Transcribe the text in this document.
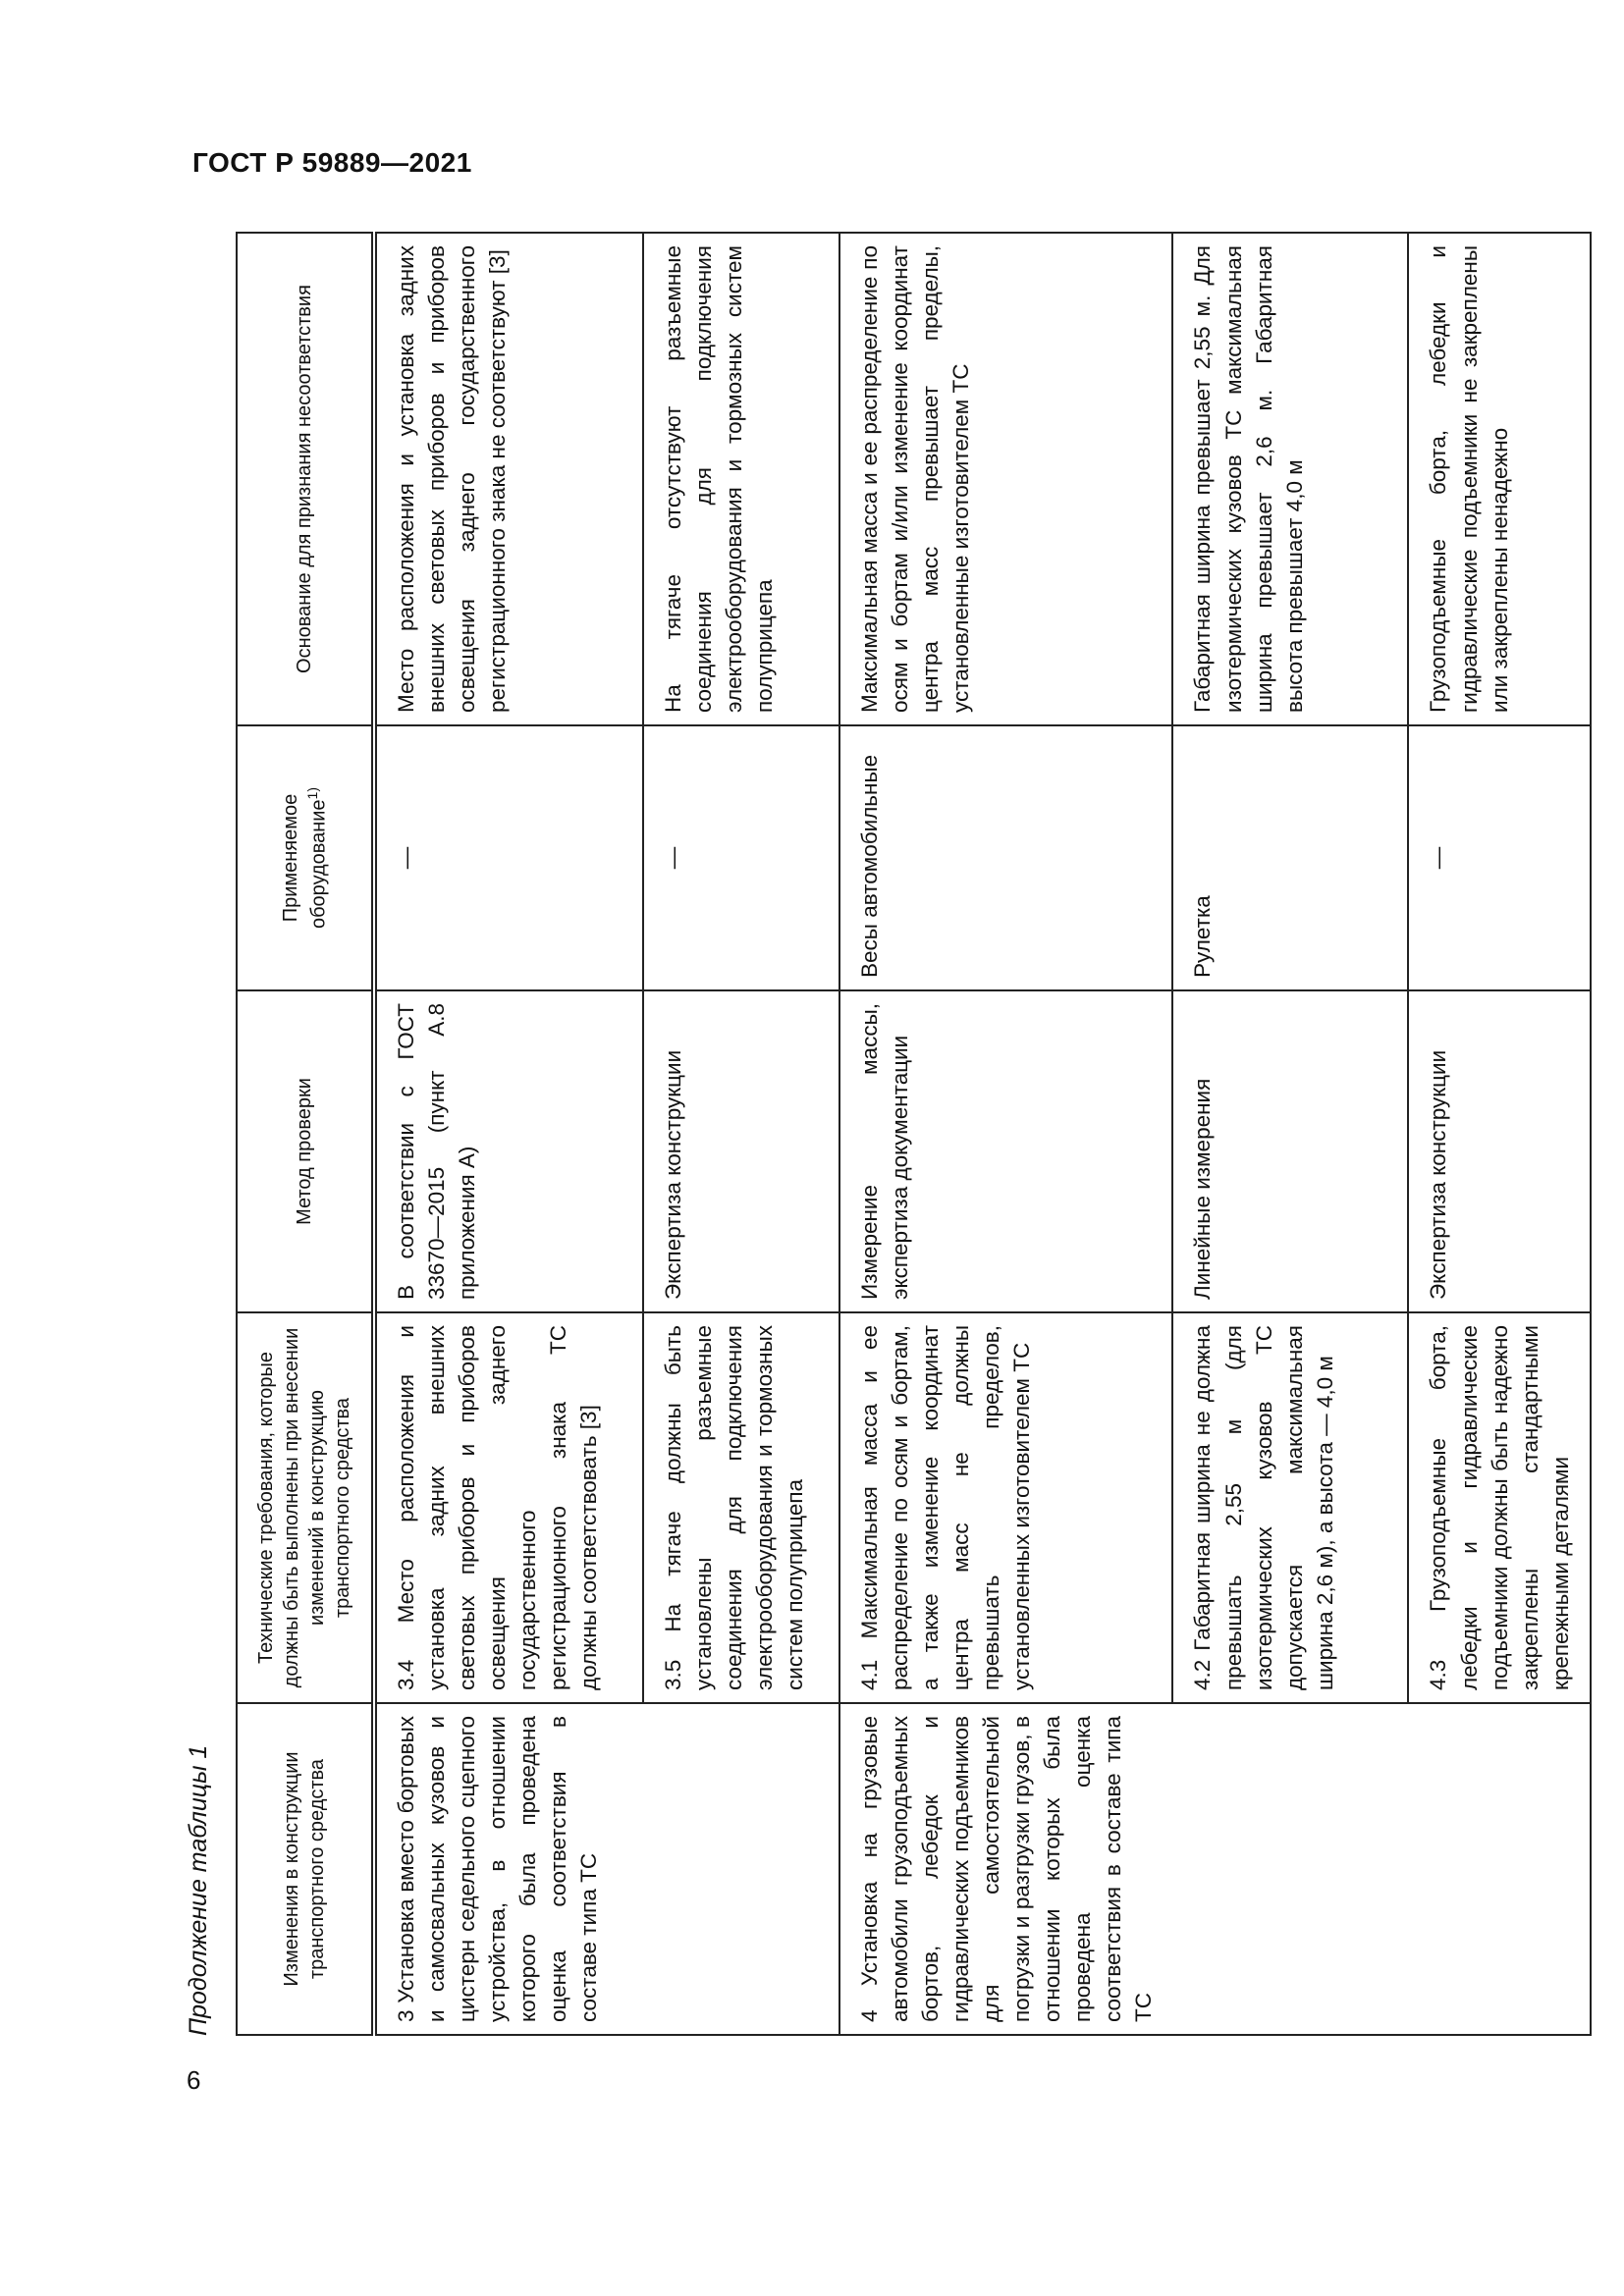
ГОСТ Р 59889—2021
Продолжение таблицы 1	Изменения в конструкции транспортного средства	Технические требования, которые должны быть выполнены при внесении изменений в конструкцию транспортного средства	Метод проверки	Применяемое оборудование$^{1)}$	Основание для признания несоответствия
3 Установка вместо бортовых и самосвальных кузовов и цистерн седельного сцепного устройства, в отношении которого была проведена оценка соответствия в составе типа ТС	3.4 Место расположения и установка задних внешних световых приборов и приборов освещения заднего государственного регистрационного знака ТС должны соответствовать [3]	В соответствии с ГОСТ 33670—2015 (пункт А.8 приложения А)	—	Место расположения и установка задних внешних световых приборов и приборов освещения заднего государственного регистрационного знака не соответствуют [3]
	3.5 На тягаче должны быть установлены разъемные соединения для подключения электрооборудования и тормозных систем полуприцепа	Экспертиза конструкции	—	На тягаче отсутствуют разъемные соединения для подключения электрооборудования и тормозных систем полуприцепа
4 Установка на грузовые автомобили грузоподъемных бортов, лебедок и гидравлических подъемников для самостоятельной погрузки и разгрузки грузов, в отношении которых была проведена оценка соответствия в составе типа ТС	4.1 Максимальная масса и ее распределение по осям и бортам, а также изменение координат центра масс не должны превышать пределов, установленных изготовителем ТС	Измерение массы, экспертиза документации	Весы автомобильные	Максимальная масса и ее распределение по осям и бортам и/или изменение координат центра масс превышает пределы, установленные изготовителем ТС
	4.2 Габаритная ширина не должна превышать 2,55 м (для изотермических кузовов ТС допускается максимальная ширина 2,6 м), а высота — 4,0 м	Линейные измерения	Рулетка	Габаритная ширина превышает 2,55 м. Для изотермических кузовов ТС максимальная ширина превышает 2,6 м. Габаритная высота превышает 4,0 м
	4.3 Грузоподъемные борта, лебедки и гидравлические подъемники должны быть надежно закреплены стандартными крепежными деталями	Экспертиза конструкции	—	Грузоподъемные борта, лебедки и гидравлические подъемники не закреплены или закреплены ненадежно
6
